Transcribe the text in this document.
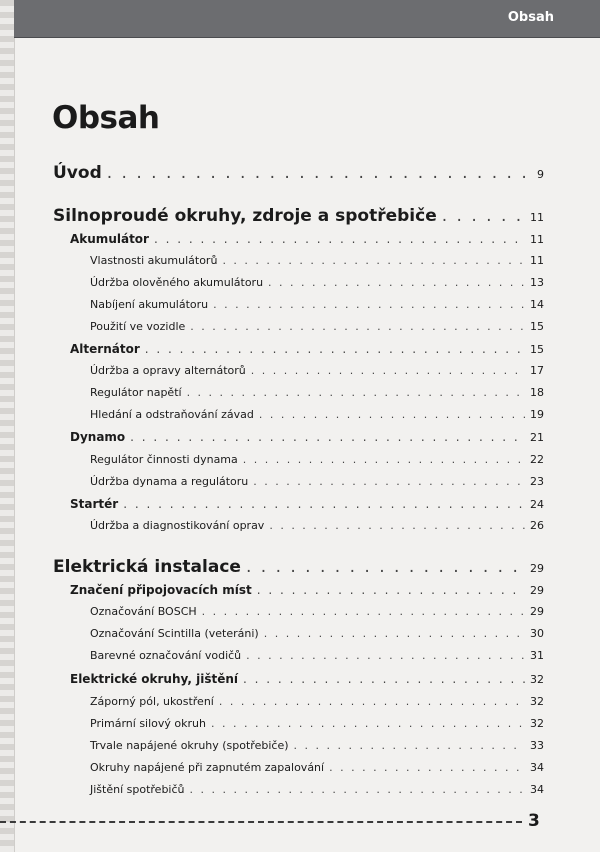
Obsah
Obsah
Úvod . . .	9
Silnoproudé okruhy, zdroje a spotřebiče . . .	11
Akumulátor . . .	11
Vlastnosti akumulátorů . . .	11
Údržba olověného akumulátoru . . .	13
Nabíjení akumulátoru . . .	14
Použití ve vozidle . . .	15
Alternátor . . .	15
Údržba a opravy alternátorů . . .	17
Regulátor napětí . . .	18
Hledání a odstraňování závad . . .	19
Dynamo . . .	21
Regulátor činnosti dynama . . .	22
Údržba dynama a regulátoru . . .	23
Startér . . .	24
Údržba a diagnostikování oprav . . .	26
Elektrická instalace . . .	29
Značení připojovacích míst . . .	29
Označování BOSCH . . .	29
Označování Scintilla (veteráni) . . .	30
Barevné označování vodičů . . .	31
Elektrické okruhy, jištění . . .	32
Záporný pól, ukostření . . .	32
Primární silový okruh . . .	32
Trvale napájené okruhy (spotřebiče) . . .	33
Okruhy napájené při zapnutém zapalování . . .	34
Jištění spotřebičů . . .	34
3
